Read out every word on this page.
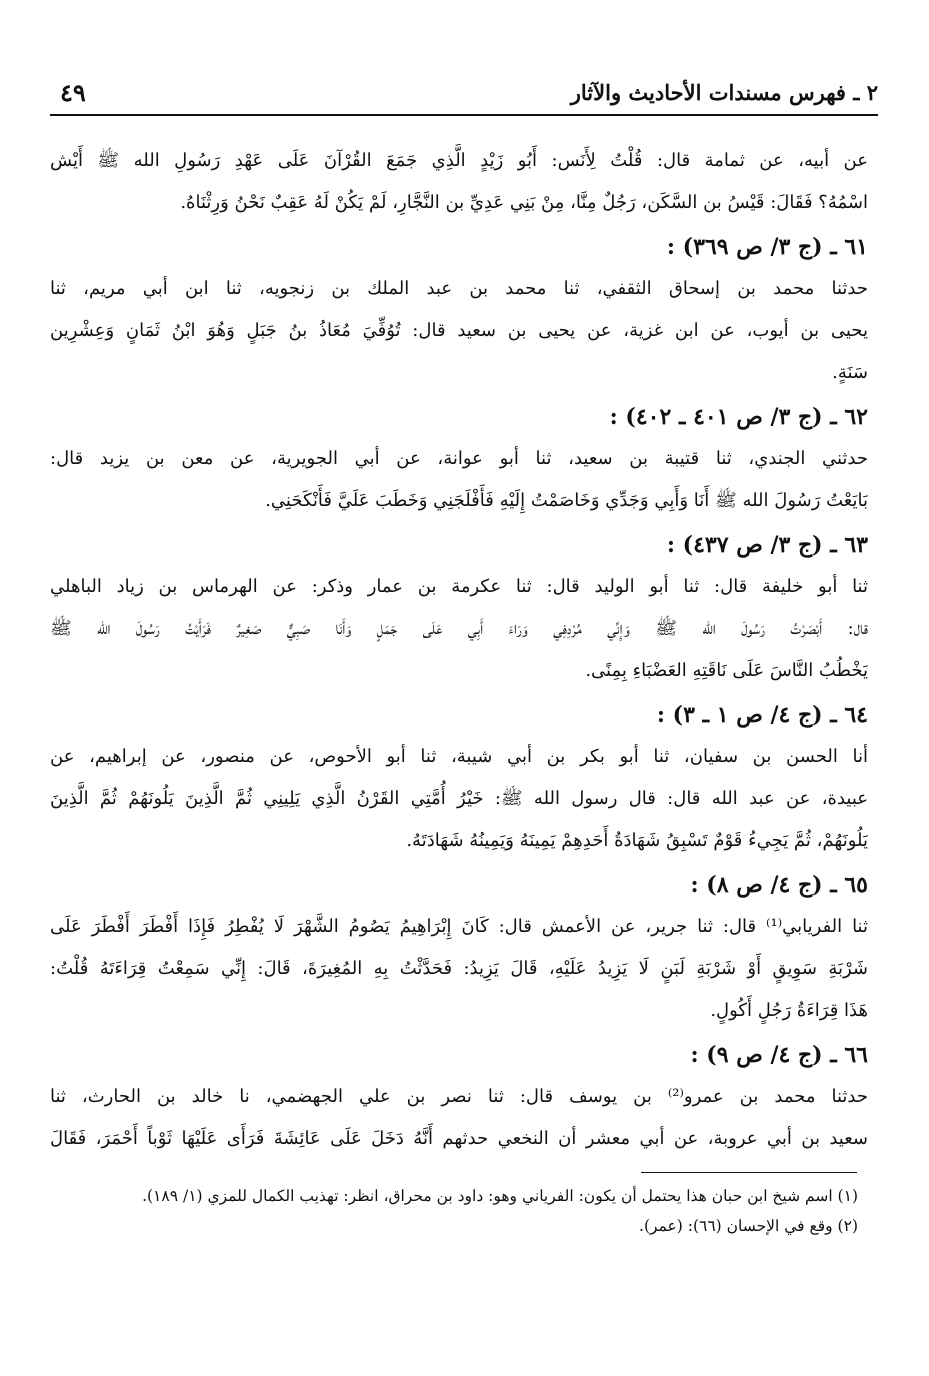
٢ ـ فهرس مسندات الأحاديث والآثار
٤٩
عن أبيه، عن ثمامة قال: قُلْتُ لِأَنَس: أَبُو زَيْدٍ الَّذِي جَمَعَ القُرْآنَ عَلَى عَهْدِ رَسُولِ الله ﷺ أَيْش
اسْمُهُ؟ فَقَالَ: قَيْسُ بن السَّكَن، رَجُلٌ مِنَّا، مِنْ بَنِي عَدِيِّ بن النَّجَّارِ، لَمْ يَكُنْ لَهُ عَقِبٌ نَحْنُ وَرِثْنَاهُ.
٦١ ـ (ج ٣/ ص ٣٦٩) :
حدثنا محمد بن إسحاق الثقفي، ثنا محمد بن عبد الملك بن زنجويه، ثنا ابن أبي مريم، ثنا
يحيى بن أيوب، عن ابن غزية، عن يحيى بن سعيد قال: تُوُفِّيَ مُعَاذُ بنُ جَبَلٍ وَهُوَ ابْنُ ثَمَانٍ وَعِشْرِين
سَنَةٍ.
٦٢ ـ (ج ٣/ ص ٤٠١ ـ ٤٠٢) :
حدثني الجندي، ثنا قتيبة بن سعيد، ثنا أبو عوانة، عن أبي الجويرية، عن معن بن يزيد قال:
بَايَعْتُ رَسُولَ الله ﷺ أَنَا وَأَبِي وَجَدِّي وَخَاصَمْتُ إِلَيْهِ فَأَفْلَجَنِي وَخَطَبَ عَلَيَّ فَأَنْكَحَنِي.
٦٣ ـ (ج ٣/ ص ٤٣٧) :
ثنا أبو خليفة قال: ثنا أبو الوليد قال: ثنا عكرمة بن عمار وذكر: عن الهرماس بن زياد الباهلي
قال: أَبْصَرْتُ رَسُولَ الله ﷺ وَإِنِّي مُرْدِفِي وَرَاءَ أَبِي عَلَى جَمَلٍ وَأَنَا صَبِيٌّ صَغِيرٌ فَرَأَيْتُ رَسُولَ الله ﷺ
يَخْطُبُ النَّاسَ عَلَى نَاقَتِهِ العَضْبَاءِ بِمِنًى.
٦٤ ـ (ج ٤/ ص ١ ـ ٣) :
أنا الحسن بن سفيان، ثنا أبو بكر بن أبي شيبة، ثنا أبو الأحوص، عن منصور، عن إبراهيم، عن
عبيدة، عن عبد الله قال: قال رسول الله ﷺ: خَيْرُ أُمَّتِي القَرْنُ الَّذِي يَلِينِي ثُمَّ الَّذِينَ يَلُونَهُمْ ثُمَّ الَّذِينَ
يَلُونَهُمْ، ثُمَّ يَجِيءُ قَوْمٌ تَسْبِقُ شَهَادَةُ أَحَدِهِمْ يَمِينَهُ وَيَمِينُهُ شَهَادَتَهُ.
٦٥ ـ (ج ٤/ ص ٨) :
ثنا الفريابي⁽¹⁾ قال: ثنا جرير، عن الأعمش قال: كَانَ إِبْرَاهِيمُ يَصُومُ الشَّهْرَ لَا يُفْطِرُ فَإِذَا أَفْطَرَ أَفْطَرَ عَلَى
شَرْبَةِ سَوِيقٍ أَوْ شَرْبَةِ لَبَنٍ لَا يَزِيدُ عَلَيْهِ، قَالَ يَزِيدُ: فَحَدَّثْتُ بِهِ المُغِيرَةَ، قَالَ: إِنِّي سَمِعْتُ قِرَاءَتَهُ قُلْتُ:
هَذَا قِرَاءَةُ رَجُلٍ أَكُولٍ.
٦٦ ـ (ج ٤/ ص ٩) :
حدثنا محمد بن عمرو⁽²⁾ بن يوسف قال: ثنا نصر بن علي الجهضمي، نا خالد بن الحارث، ثنا
سعيد بن أبي عروبة، عن أبي معشر أن النخعي حدثهم أَنَّهُ دَخَلَ عَلَى عَائِشَةَ فَرَأَى عَلَيْهَا ثَوْباً أَحْمَرَ، فَقَالَ
(١) اسم شيخ ابن حبان هذا يحتمل أن يكون: الفرياني وهو: داود بن محراق، انظر: تهذيب الكمال للمزي (١/ ١٨٩).
(٢) وقع في الإحسان (٦٦): (عمر).
